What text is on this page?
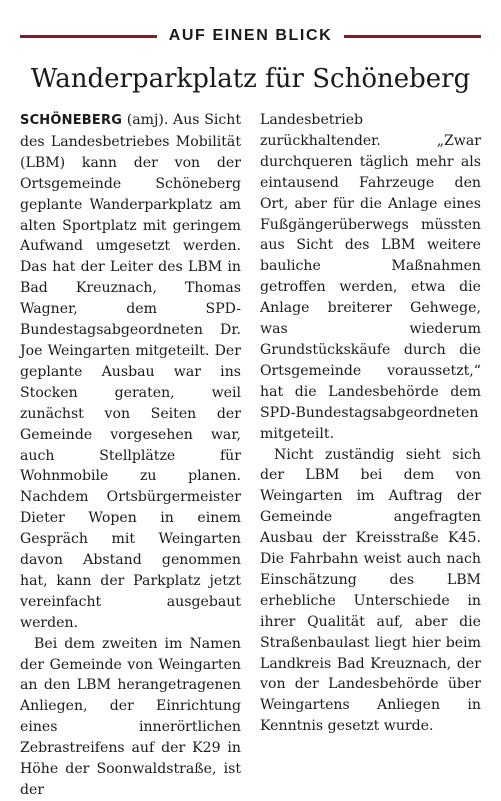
AUF EINEN BLICK
Wanderparkplatz für Schöneberg

SCHÖNEBERG (amj). Aus Sicht des Landesbetriebes Mobilität (LBM) kann der von der Ortsgemeinde Schöneberg geplante Wanderparkplatz am alten Sportplatz mit geringem Aufwand umgesetzt werden. Das hat der Leiter des LBM in Bad Kreuznach, Thomas Wagner, dem SPD-Bundestagsabgeordneten Dr. Joe Weingarten mitgeteilt. Der geplante Ausbau war ins Stocken geraten, weil zunächst von Seiten der Gemeinde vorgesehen war, auch Stellplätze für Wohnmobile zu planen. Nachdem Ortsbürgermeister Dieter Wopen in einem Gespräch mit Weingarten davon Abstand genommen hat, kann der Parkplatz jetzt vereinfacht ausgebaut werden.

Bei dem zweiten im Namen der Gemeinde von Weingarten an den LBM herangetragenen Anliegen, der Einrichtung eines innerörtlichen Zebrastreifens auf der K29 in Höhe der Soonwaldstraße, ist der

Landesbetrieb zurückhaltender. „Zwar durchqueren täglich mehr als eintausend Fahrzeuge den Ort, aber für die Anlage eines Fußgängerüberwegs müssten aus Sicht des LBM weitere bauliche Maßnahmen getroffen werden, etwa die Anlage breiterer Gehwege, was wiederum Grundstückskäufe durch die Ortsgemeinde voraussetzt,“ hat die Landesbehörde dem SPD-Bundestagsabgeordneten mitgeteilt.

Nicht zuständig sieht sich der LBM bei dem von Weingarten im Auftrag der Gemeinde angefragten Ausbau der Kreisstraße K45. Die Fahrbahn weist auch nach Einschätzung des LBM erhebliche Unterschiede in ihrer Qualität auf, aber die Straßenbaulast liegt hier beim Landkreis Bad Kreuznach, der von der Landesbehörde über Weingartens Anliegen in Kenntnis gesetzt wurde.
